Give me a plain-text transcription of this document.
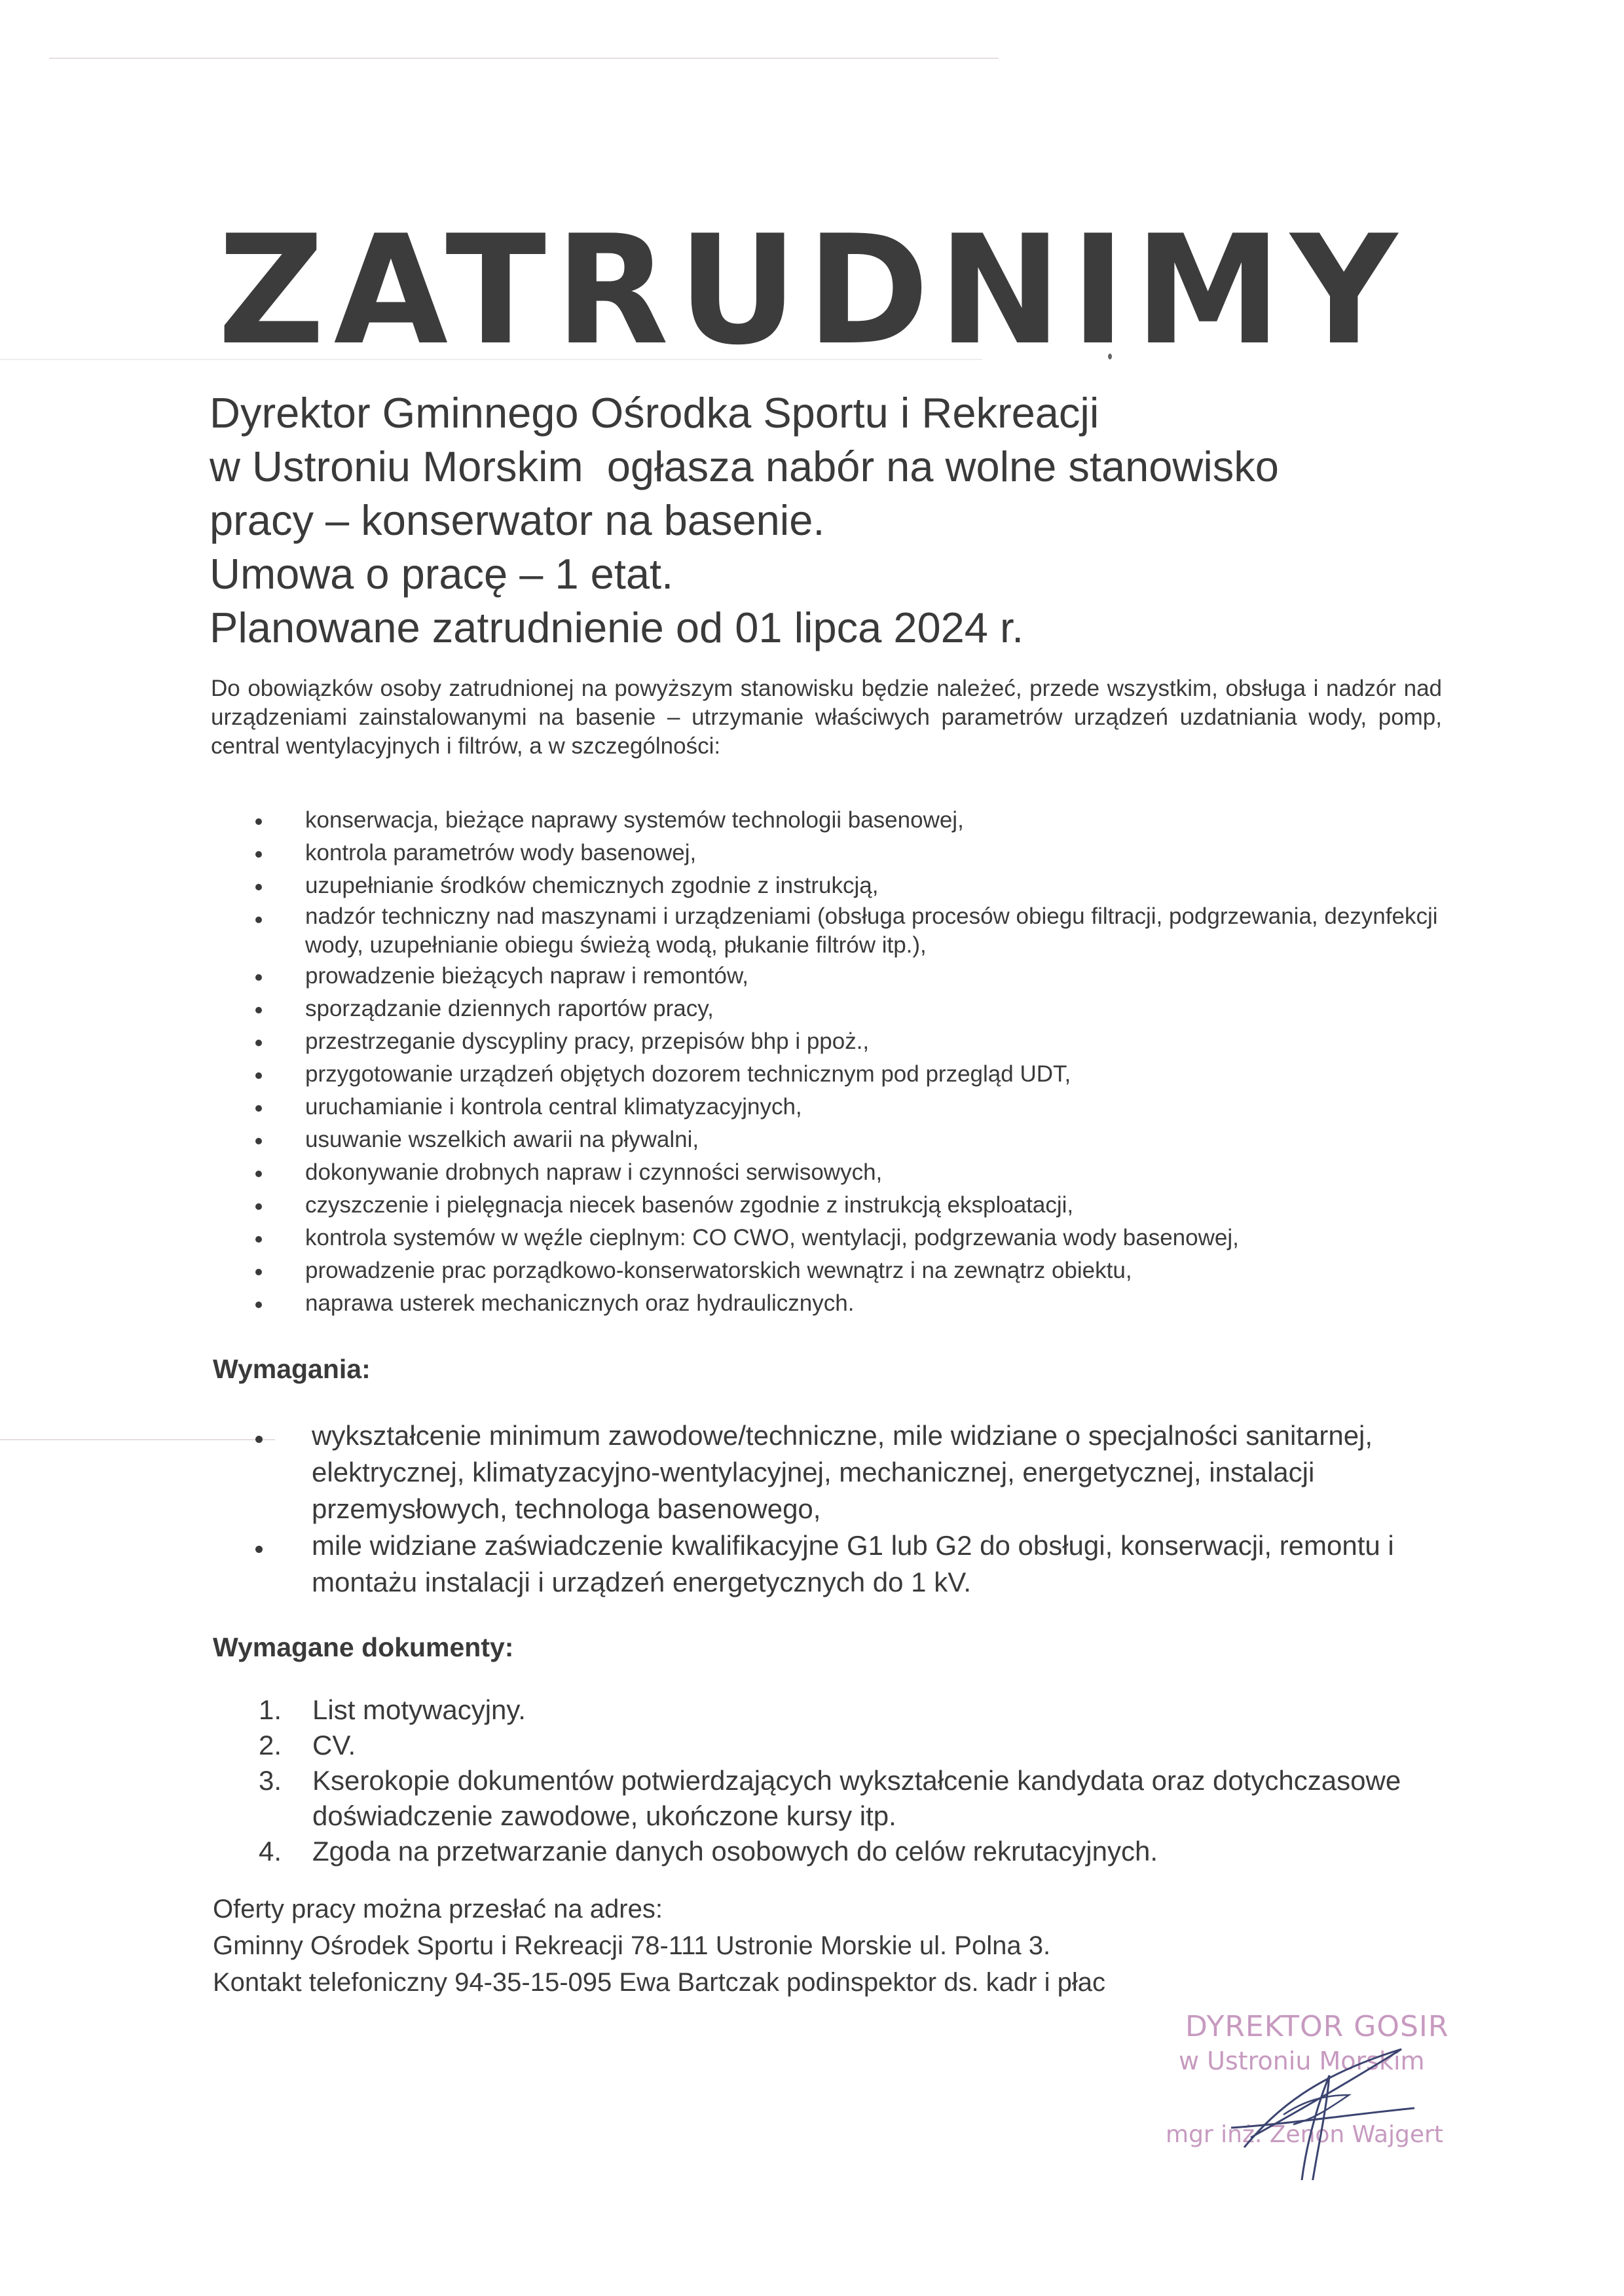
ZATRUDNIMY
Dyrektor Gminnego Ośrodka Sportu i Rekreacji
w Ustroniu Morskim  ogłasza nabór na wolne stanowisko
pracy – konserwator na basenie.
Umowa o pracę – 1 etat.
Planowane zatrudnienie od 01 lipca 2024 r.
Do obowiązków osoby zatrudnionej na powyższym stanowisku będzie należeć, przede wszystkim, obsługa i nadzór nad urządzeniami zainstalowanymi na basenie – utrzymanie właściwych parametrów urządzeń uzdatniania wody, pomp, central wentylacyjnych i filtrów, a w szczególności:
konserwacja, bieżące naprawy systemów technologii basenowej,
kontrola parametrów wody basenowej,
uzupełnianie środków chemicznych zgodnie z instrukcją,
nadzór techniczny nad maszynami i urządzeniami (obsługa procesów obiegu filtracji, podgrzewania, dezynfekcji wody, uzupełnianie obiegu świeżą wodą, płukanie filtrów itp.),
prowadzenie bieżących napraw i remontów,
sporządzanie dziennych raportów pracy,
przestrzeganie dyscypliny pracy, przepisów bhp i ppoż.,
przygotowanie urządzeń objętych dozorem technicznym pod przegląd UDT,
uruchamianie i kontrola central klimatyzacyjnych,
usuwanie wszelkich awarii na pływalni,
dokonywanie drobnych napraw i czynności serwisowych,
czyszczenie i pielęgnacja niecek basenów zgodnie z instrukcją eksploatacji,
kontrola systemów w węźle cieplnym: CO CWO, wentylacji, podgrzewania wody basenowej,
prowadzenie prac porządkowo-konserwatorskich wewnątrz i na zewnątrz obiektu,
naprawa usterek mechanicznych oraz hydraulicznych.
Wymagania:
wykształcenie minimum zawodowe/techniczne, mile widziane o specjalności sanitarnej, elektrycznej, klimatyzacyjno-wentylacyjnej, mechanicznej, energetycznej, instalacji przemysłowych, technologa basenowego,
mile widziane zaświadczenie kwalifikacyjne G1 lub G2 do obsługi, konserwacji, remontu i montażu instalacji i urządzeń energetycznych do 1 kV.
Wymagane dokumenty:
1. List motywacyjny.
2. CV.
3. Kserokopie dokumentów potwierdzających wykształcenie kandydata oraz dotychczasowe doświadczenie zawodowe, ukończone kursy itp.
4. Zgoda na przetwarzanie danych osobowych do celów rekrutacyjnych.
Oferty pracy można przesłać na adres:
Gminny Ośrodek Sportu i Rekreacji 78-111 Ustronie Morskie ul. Polna 3.
Kontakt telefoniczny 94-35-15-095 Ewa Bartczak podinspektor ds. kadr i płac
DYREKTOR GOSIR
w Ustroniu Morskim
mgr inż. Zenon Wajgert
